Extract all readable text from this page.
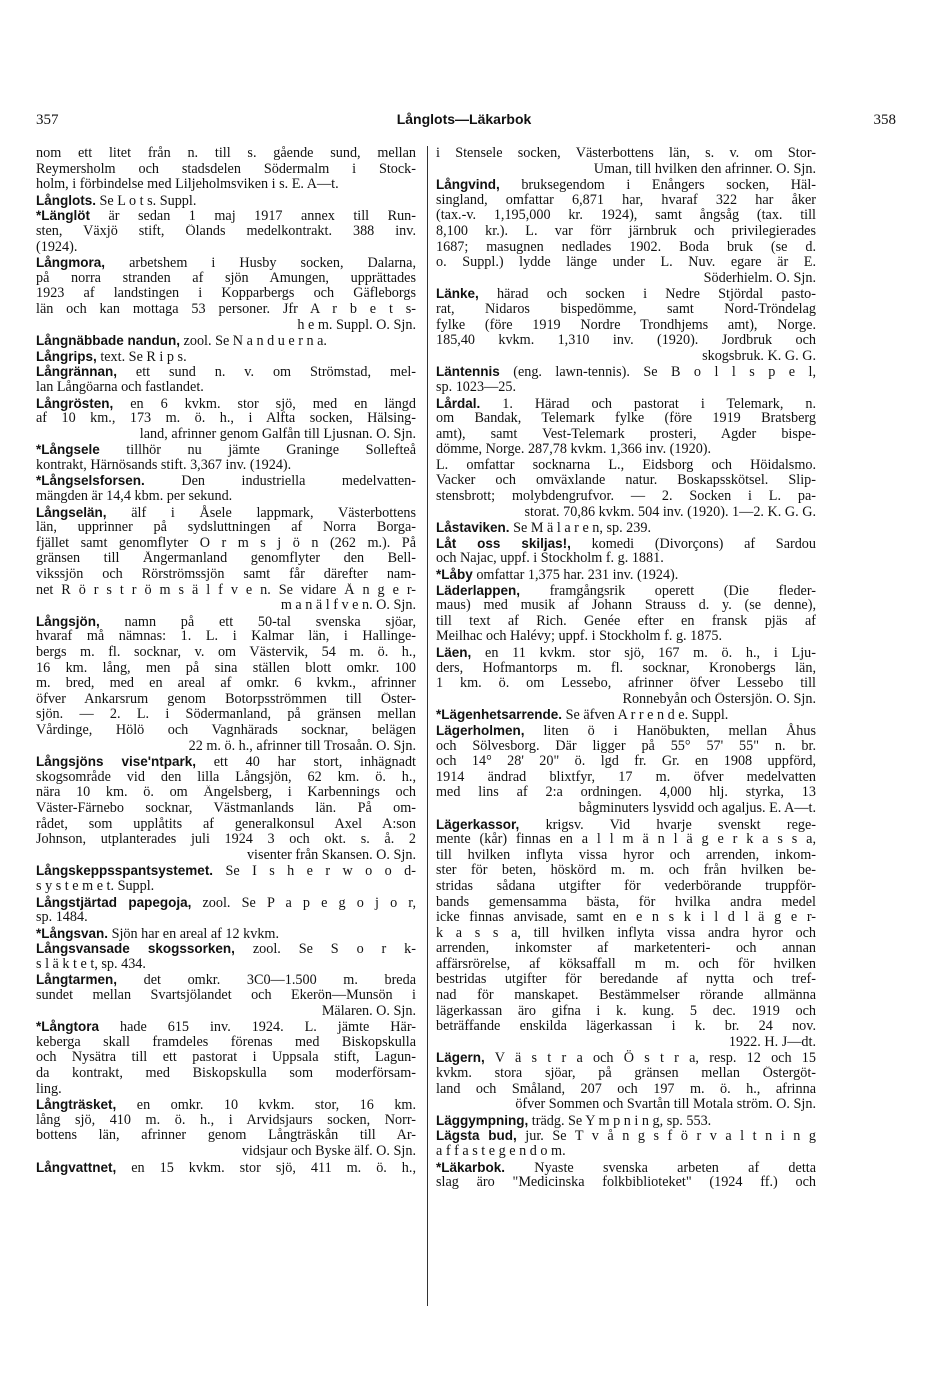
357	Långlots—Läkarbok	358
nom ett litet från n. till s. gående sund, mellan
Reymersholm och stadsdelen Södermalm i Stock-
holm, i förbindelse med Liljeholmsviken i s. E. A—t.
Långlots. Se L o t s. Suppl.
*Länglöt är sedan 1 maj 1917 annex till Run-
sten, Växjö stift, Ölands medelkontrakt. 388 inv.
(1924).
Långmora, arbetshem i Husby socken, Dalarna,
på norra stranden af sjön Amungen, upprättades
1923 af landstingen i Kopparbergs och Gäfleborgs
län och kan mottaga 53 personer. Jfr A r b e t s-
h e m. Suppl. O. Sjn.
Långnäbbade nandun, zool. Se N a n d u e r n a.
Långrips, text. Se R i p s.
Långrännan, ett sund n. v. om Strömstad, mel-
lan Långöarna och fastlandet.
Långrösten, en 6 kvkm. stor sjö, med en längd
af 10 km., 173 m. ö. h., i Alfta socken, Hälsing-
land, afrinner genom Galfån till Ljusnan. O. Sjn.
*Långsele tillhör nu jämte Graninge Sollefteå
kontrakt, Härnösands stift. 3,367 inv. (1924).
*Långselsforsen. Den industriella medelvatten-
mängden är 14,4 kbm. per sekund.
Långselän, älf i Åsele lappmark, Västerbottens
län, upprinner på sydsluttningen af Norra Borga-
fjället samt genomflyter O r m s j ö n (262 m.). På
gränsen till Ångermanland genomflyter den Bell-
vikssjön och Rörströmssjön samt får därefter nam-
net R ö r s t r ö m s ä l f v e n. Se vidare Å n g e r-
m a n ä l f v e n. O. Sjn.
Långsjön, namn på ett 50-tal svenska sjöar,
hvaraf må nämnas: 1. L. i Kalmar län, i Hallinge-
bergs m. fl. socknar, v. om Västervik, 54 m. ö. h.,
16 km. lång, men på sina ställen blott omkr. 100
m. bred, med en areal af omkr. 6 kvkm., afrinner
öfver Ankarsrum genom Botorpsströmmen till Öster-
sjön. — 2. L. i Södermanland, på gränsen mellan
Vårdinge, Hölö och Vagnhärads socknar, belägen
22 m. ö. h., afrinner till Trosaån. O. Sjn.
Långsjöns vise'ntpark, ett 40 har stort, inhägnadt
skogsområde vid den lilla Långsjön, 62 km. ö. h.,
nära 10 km. ö. om Ängelsberg, i Karbennings och
Väster-Färnebo socknar, Västmanlands län. På om-
rådet, som upplåtits af generalkonsul Axel A:son
Johnson, utplanterades juli 1924 3 och okt. s. å. 2
visenter från Skansen. O. Sjn.
Långskeppsspantsystemet. Se I s h e r w o o d-
s y s t e m e t. Suppl.
Långstjärtad papegoja, zool. Se P a p e g o j o r,
sp. 1484.
*Långsvan. Sjön har en areal af 12 kvkm.
Långsvansade skogssorken, zool. Se S o r k-
s l ä k t e t, sp. 434.
Långtarmen, det omkr. 3C0—1.500 m. breda
sundet mellan Svartsjölandet och Ekerön—Munsön i
Mälaren. O. Sjn.
*Långtora hade 615 inv. 1924. L. jämte Här-
keberga skall framdeles förenas med Biskopskulla
och Nysätra till ett pastorat i Uppsala stift, Lagun-
da kontrakt, med Biskopskulla som moderförsam-
ling.
Långträsket, en omkr. 10 kvkm. stor, 16 km.
lång sjö, 410 m. ö. h., i Arvidsjaurs socken, Norr-
bottens län, afrinner genom Långträskån till Ar-
vidsjaur och Byske älf. O. Sjn.
Långvattnet, en 15 kvkm. stor sjö, 411 m. ö. h.,
i Stensele socken, Västerbottens län, s. v. om Stor-
Uman, till hvilken den afrinner. O. Sjn.
Långvind, bruksegendom i Enångers socken, Häl-
singland, omfattar 6,871 har, hvaraf 322 har åker
(tax.-v. 1,195,000 kr. 1924), samt ångsåg (tax. till
8,100 kr.). L. var förr järnbruk och privilegierades
1687; masugnen nedlades 1902. Boda bruk (se d.
o. Suppl.) lydde länge under L. Nuv. egare är E.
Söderhielm. O. Sjn.
Länke, härad och socken i Nedre Stjördal pasto-
rat, Nidaros bispedömme, samt Nord-Tröndelag
fylke (före 1919 Nordre Trondhjems amt), Norge.
185,40 kvkm. 1,310 inv. (1920). Jordbruk och
skogsbruk. K. G. G.
Läntennis (eng. lawn-tennis). Se B o l l s p e l,
sp. 1023—25.
Lårdal. 1. Härad och pastorat i Telemark, n.
om Bandak, Telemark fylke (före 1919 Bratsberg
amt), samt Vest-Telemark prosteri, Agder bispe-
dömme, Norge. 287,78 kvkm. 1,366 inv. (1920).
L. omfattar socknarna L., Eidsborg och Höidalsmo.
Vacker och omväxlande natur. Boskapsskötsel. Slip-
stensbrott; molybdengrufvor. — 2. Socken i L. pa-
storat. 70,86 kvkm. 504 inv. (1920). 1—2. K. G. G.
Låstaviken. Se M ä l a r e n, sp. 239.
Låt oss skiljas!, komedi (Divorçons) af Sardou
och Najac, uppf. i Stockholm f. g. 1881.
*Låby omfattar 1,375 har. 231 inv. (1924).
Läderlappen, framgångsrik operett (Die fleder-
maus) med musik af Johann Strauss d. y. (se denne),
till text af Rich. Genée efter en fransk pjäs af
Meilhac och Halévy; uppf. i Stockholm f. g. 1875.
Läen, en 11 kvkm. stor sjö, 167 m. ö. h., i Lju-
ders, Hofmantorps m. fl. socknar, Kronobergs län,
1 km. ö. om Lessebo, afrinner öfver Lessebo till
Ronnebyån och Östersjön. O. Sjn.
*Lägenhetsarrende. Se äfven A r r e n d e. Suppl.
Lägerholmen, liten ö i Hanöbukten, mellan Åhus
och Sölvesborg. Där ligger på 55° 57' 55" n. br.
och 14° 28' 20" ö. lgd fr. Gr. en 1908 uppförd,
1914 ändrad blixtfyr, 17 m. öfver medelvatten
med lins af 2:a ordningen. 4,000 hlj. styrka, 13
bågminuters lysvidd och agaljus. E. A—t.
Lägerkassor, krigsv. Vid hvarje svenskt rege-
mente (kår) finnas en a l l m ä n l ä g e r k a s s a,
till hvilken inflyta vissa hyror och arrenden, inkom-
ster för beten, höskörd m. m. och från hvilken be-
stridas sådana utgifter för vederbörande truppför-
bands gemensamma bästa, för hvilka andra medel
icke finnas anvisade, samt en e n s k i l d l ä g e r-
k a s s a, till hvilken inflyta vissa andra hyror och
arrenden, inkomster af marketenteri- och annan
affärsrörelse, af köksaffall m m. och för hvilken
bestridas utgifter för beredande af nytta och tref-
nad för manskapet. Bestämmelser rörande allmänna
lägerkassan äro gifna i k. kung. 5 dec. 1919 och
beträffande enskilda lägerkassan i k. br. 24 nov.
1922. H. J—dt.
Lägern, V ä s t r a och Ö s t r a, resp. 12 och 15
kvkm. stora sjöar, på gränsen mellan Östergöt-
land och Småland, 207 och 197 m. ö. h., afrinna
öfver Sommen och Svartån till Motala ström. O. Sjn.
Läggympning, trädg. Se Y m p n i n g, sp. 553.
Lägsta bud, jur. Se T v å n g s f ö r v a l t n i n g
a f f a s t e g e n d o m.
*Läkarbok. Nyaste svenska arbeten af detta
slag äro "Medicinska folkbiblioteket" (1924 ff.) och
